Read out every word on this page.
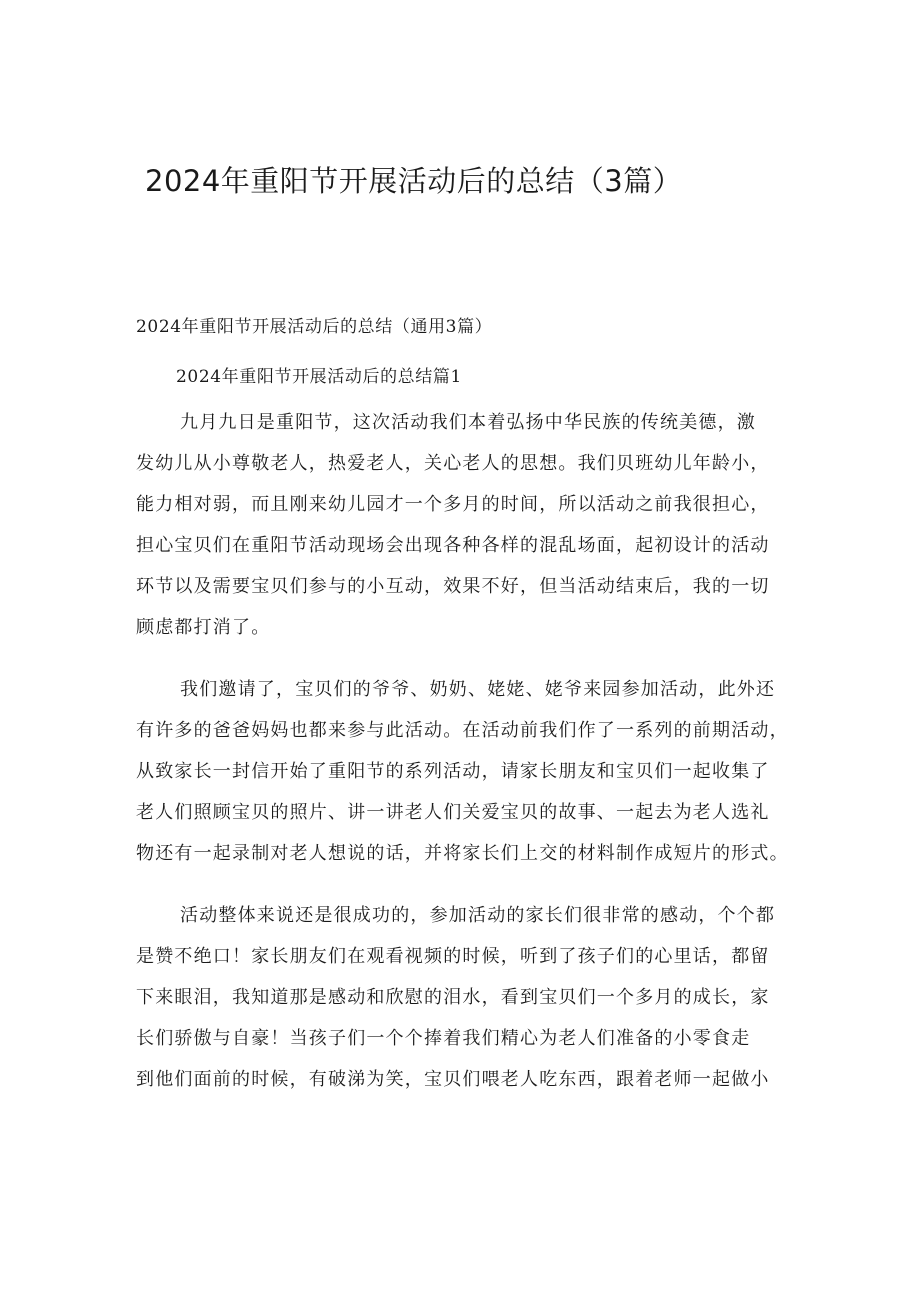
2024年重阳节开展活动后的总结（3篇）

2024年重阳节开展活动后的总结（通用3篇）

2024年重阳节开展活动后的总结篇1

九月九日是重阳节，这次活动我们本着弘扬中华民族的传统美德，激
发幼儿从小尊敬老人，热爱老人，关心老人的思想。我们贝班幼儿年龄小，
能力相对弱，而且刚来幼儿园才一个多月的时间，所以活动之前我很担心，
担心宝贝们在重阳节活动现场会出现各种各样的混乱场面，起初设计的活动
环节以及需要宝贝们参与的小互动，效果不好，但当活动结束后，我的一切
顾虑都打消了。
我们邀请了，宝贝们的爷爷、奶奶、姥姥、姥爷来园参加活动，此外还
有许多的爸爸妈妈也都来参与此活动。在活动前我们作了一系列的前期活动，
从致家长一封信开始了重阳节的系列活动，请家长朋友和宝贝们一起收集了
老人们照顾宝贝的照片、讲一讲老人们关爱宝贝的故事、一起去为老人选礼
物还有一起录制对老人想说的话，并将家长们上交的材料制作成短片的形式。
活动整体来说还是很成功的，参加活动的家长们很非常的感动，个个都
是赞不绝口！家长朋友们在观看视频的时候，听到了孩子们的心里话，都留
下来眼泪，我知道那是感动和欣慰的泪水，看到宝贝们一个多月的成长，家
长们骄傲与自豪！当孩子们一个个捧着我们精心为老人们准备的小零食走
到他们面前的时候，有破涕为笑，宝贝们喂老人吃东西，跟着老师一起做小
